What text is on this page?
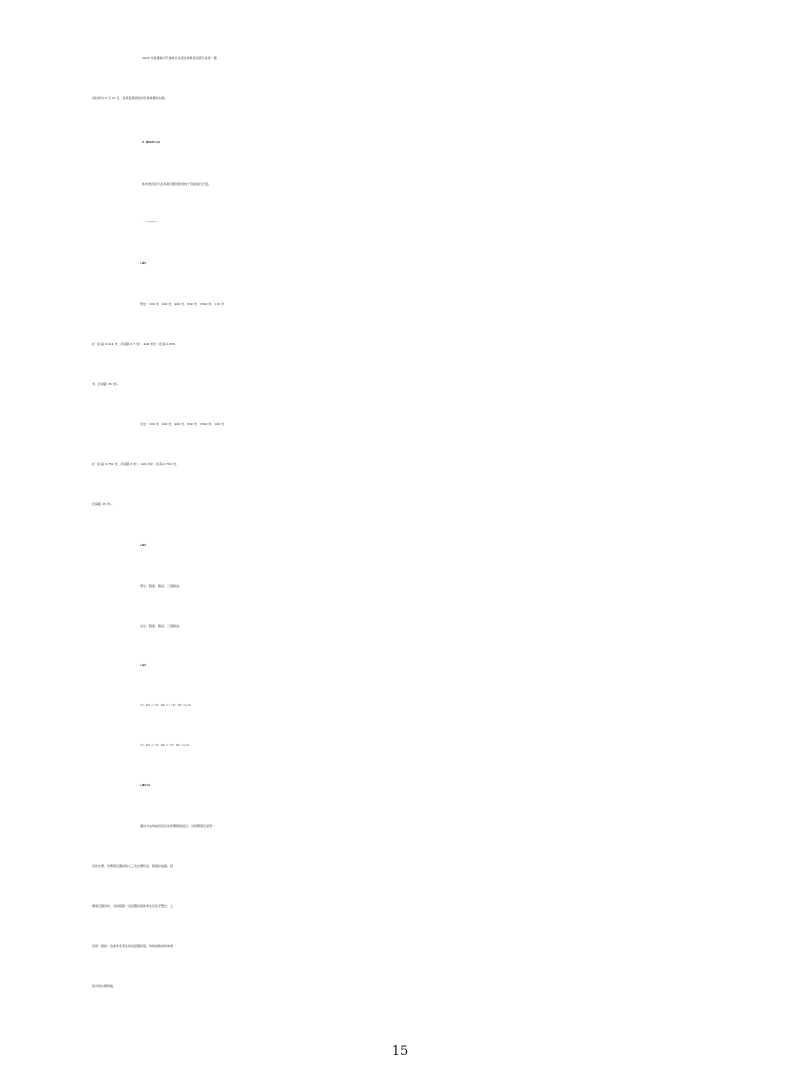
2025 年普通高中艺体特长生招生体育类田径专业统一测
试时间为 6 月 21 日，各项目测试时间以具体通知为准。
四、测试标准与办法
体育类田径专业各项目测试使用电子设备进行计量。
（一）田径专项技术测试标准与方法
1.跑类
男生：100 米、200 米、400 米、800 米、1500 米、110 米
栏（栏高 0.914 米、栏间距 8.7 米）、400 米栏（栏高 0.838
米、栏间距 35 米）。
女生：100 米、200 米、400 米、800 米、1500 米、100 米
栏（栏高 0.762 米、栏间距 8 米）、400 米栏（栏高 0.762 米、
栏间距 35 米）。
2.跳类
男生：跳高、跳远、三级跳远。
女生：跳高、跳远、三级跳远。
3.投类
男生：铅球（5 千克）、铁饼（1.5 千克）、标枪（700 克）。
女生：铅球（3 千克）、铁饼（1 千克）、标枪（500 克）。
4.测试方法
测试方法均按田径运动竞赛规则进行。对径赛项目采用一
次性比赛；田赛项目测试每人三次比赛机会，取最好成绩。径
赛项目测试中，对每组第一次起跑犯规的考生应给予警告，之
后同一组的一名或多名考生每次起跑犯规，均将被取消该单项
的当场比赛资格。
15
